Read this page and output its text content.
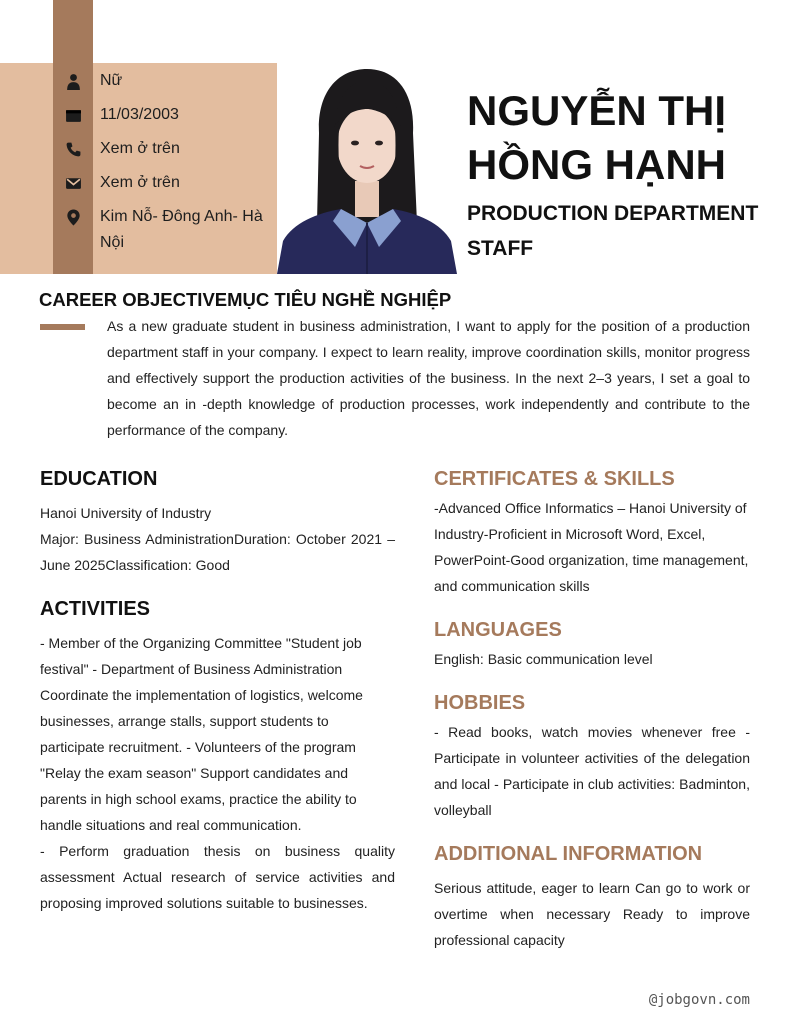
Nữ
11/03/2003
Xem ở trên
Xem ở trên
Kim Nỗ- Đông Anh- Hà Nội
NGUYỄN THỊ HỒNG HẠNH
PRODUCTION DEPARTMENT STAFF
CAREER OBJECTIVEMỤC TIÊU NGHỀ NGHIỆP
As a new graduate student in business administration, I want to apply for the position of a production department staff in your company. I expect to learn reality, improve coordination skills, monitor progress and effectively support the production activities of the business. In the next 2–3 years, I set a goal to become an in -depth knowledge of production processes, work independently and contribute to the performance of the company.
EDUCATION
Hanoi University of Industry
Major: Business AdministrationDuration: October 2021 – June 2025Classification: Good
ACTIVITIES
- Member of the Organizing Committee "Student job festival" - Department of Business Administration Coordinate the implementation of logistics, welcome businesses, arrange stalls, support students to participate recruitment. - Volunteers of the program "Relay the exam season" Support candidates and parents in high school exams, practice the ability to handle situations and real communication.
- Perform graduation thesis on business quality assessment Actual research of service activities and proposing improved solutions suitable to businesses.
CERTIFICATES & SKILLS
-Advanced Office Informatics – Hanoi University of Industry-Proficient in Microsoft Word, Excel, PowerPoint-Good organization, time management, and communication skills
LANGUAGES
English: Basic communication level
HOBBIES
- Read books, watch movies whenever free - Participate in volunteer activities of the delegation and local - Participate in club activities: Badminton, volleyball
ADDITIONAL INFORMATION
Serious attitude, eager to learn Can go to work or overtime when necessary Ready to improve professional capacity
@jobgovn.com
